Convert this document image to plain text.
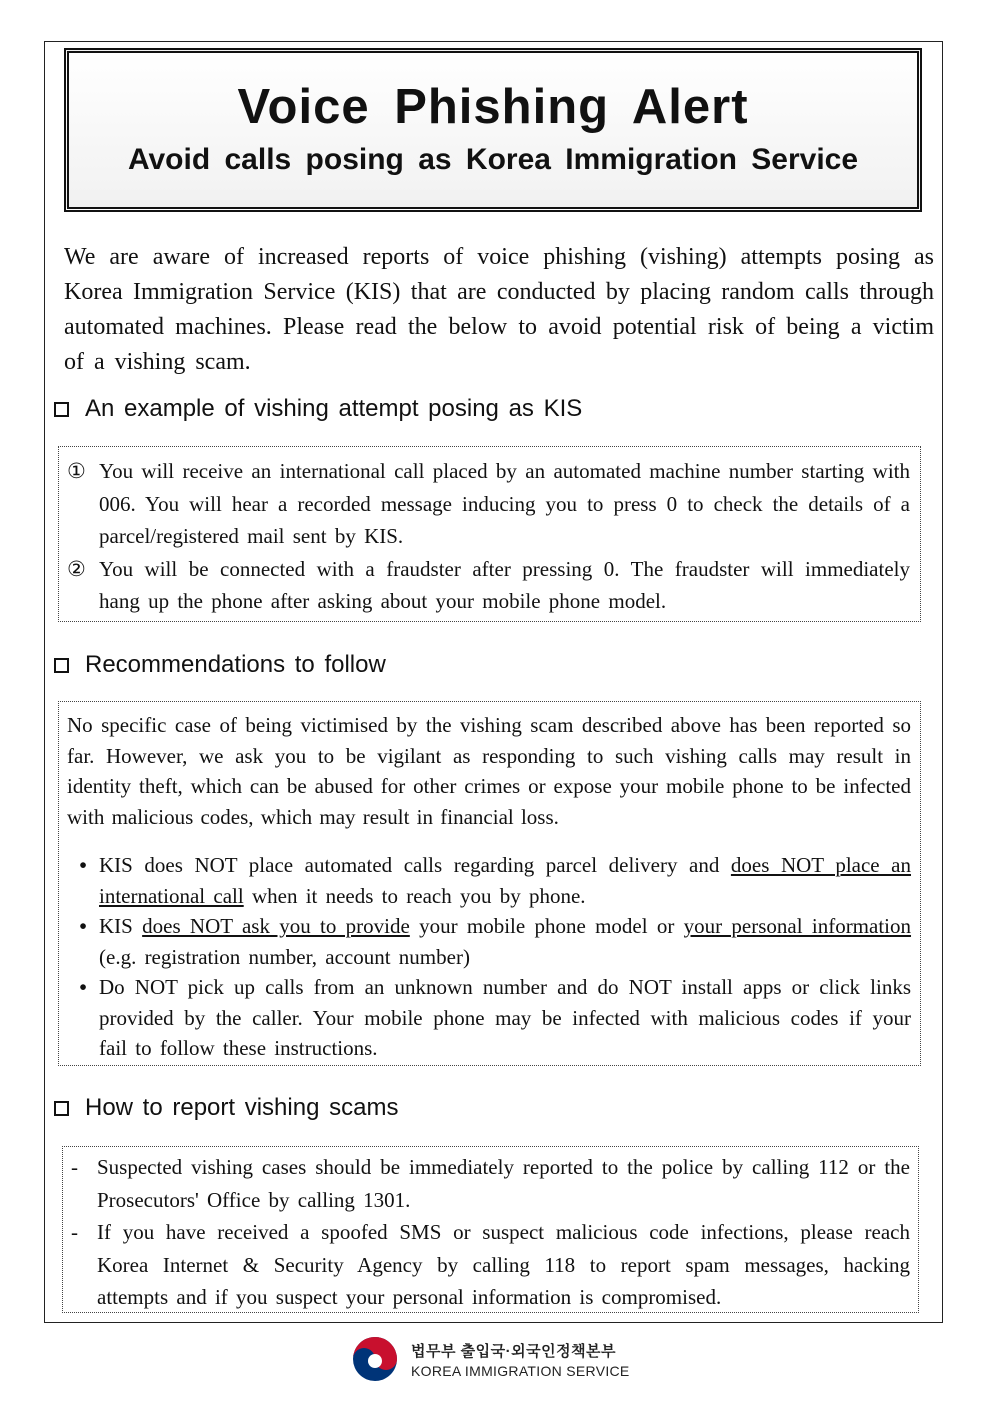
Voice Phishing Alert
Avoid calls posing as Korea Immigration Service
We are aware of increased reports of voice phishing (vishing) attempts posing as Korea Immigration Service (KIS) that are conducted by placing random calls through automated machines. Please read the below to avoid potential risk of being a victim of a vishing scam.
An example of vishing attempt posing as KIS
① You will receive an international call placed by an automated machine number starting with 006. You will hear a recorded message inducing you to press 0 to check the details of a parcel/registered mail sent by KIS.
② You will be connected with a fraudster after pressing 0. The fraudster will immediately hang up the phone after asking about your mobile phone model.
Recommendations to follow
No specific case of being victimised by the vishing scam described above has been reported so far. However, we ask you to be vigilant as responding to such vishing calls may result in identity theft, which can be abused for other crimes or expose your mobile phone to be infected with malicious codes, which may result in financial loss.
• KIS does NOT place automated calls regarding parcel delivery and does NOT place an international call when it needs to reach you by phone.
• KIS does NOT ask you to provide your mobile phone model or your personal information (e.g. registration number, account number)
• Do NOT pick up calls from an unknown number and do NOT install apps or click links provided by the caller. Your mobile phone may be infected with malicious codes if your fail to follow these instructions.
How to report vishing scams
- Suspected vishing cases should be immediately reported to the police by calling 112 or the Prosecutors' Office by calling 1301.
- If you have received a spoofed SMS or suspect malicious code infections, please reach Korea Internet & Security Agency by calling 118 to report spam messages, hacking attempts and if you suspect your personal information is compromised.
법무부 출입국·외국인정책본부
KOREA IMMIGRATION SERVICE
